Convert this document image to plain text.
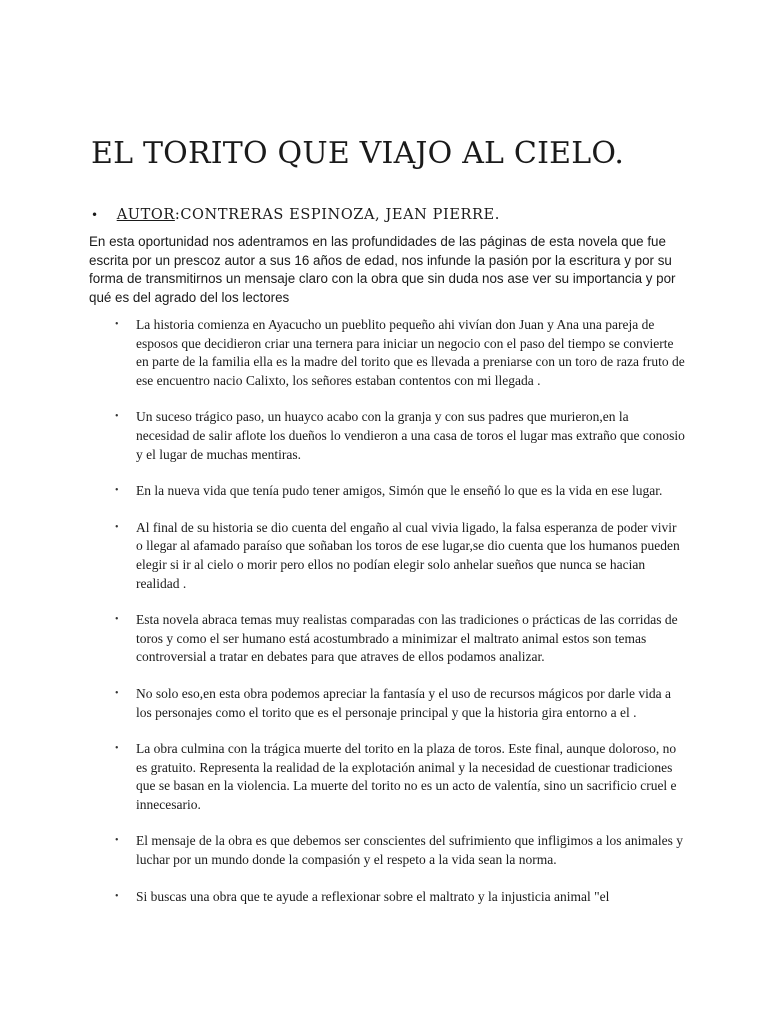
EL TORITO QUE VIAJO AL CIELO.
• AUTOR:CONTRERAS ESPINOZA, JEAN PIERRE.

En esta oportunidad nos adentramos en las profundidades de las páginas de esta novela que fue escrita por un prescoz autor a sus 16 años de edad, nos infunde la pasión por la escritura y por su forma de transmitirnos un mensaje claro con la obra que sin duda nos ase ver su importancia y por qué es del agrado del los lectores

• La historia comienza en Ayacucho un pueblito pequeño ahi vivían don Juan y Ana una pareja de esposos que decidieron criar una ternera para iniciar un negocio con el paso del tiempo se convierte en parte de la familia ella es la madre del torito que es llevada a preniarse con un toro de raza fruto de ese encuentro nacio Calixto, los señores estaban contentos con mi llegada .
• Un suceso trágico paso, un huayco acabo con la granja y con sus padres que murieron,en la necesidad de salir aflote los dueños lo vendieron a una casa de toros el lugar mas extraño que conosio y el lugar de muchas mentiras.
• En la nueva vida que tenía pudo tener amigos, Simón que le enseñó lo que es la vida en ese lugar.
• Al final de su historia se dio cuenta del engaño al cual vivia ligado, la falsa esperanza de poder vivir o llegar al afamado paraíso que soñaban los toros de ese lugar,se dio cuenta que los humanos pueden elegir si ir al cielo o morir pero ellos no podían elegir solo anhelar sueños que nunca se hacian realidad .
• Esta novela abraca temas muy realistas comparadas con las tradiciones o prácticas de las corridas de toros y como el ser humano está acostumbrado a minimizar el maltrato animal estos son temas controversial a tratar en debates para que atraves de ellos podamos analizar.
• No solo eso,en esta obra podemos apreciar la fantasía y el uso de recursos mágicos por darle vida a los personajes como el torito que es el personaje principal y que la historia gira entorno a el .
• La obra culmina con la trágica muerte del torito en la plaza de toros. Este final, aunque doloroso, no es gratuito. Representa la realidad de la explotación animal y la necesidad de cuestionar tradiciones que se basan en la violencia. La muerte del torito no es un acto de valentía, sino un sacrificio cruel e innecesario.
• El mensaje de la obra es que debemos ser conscientes del sufrimiento que infligimos a los animales y luchar por un mundo donde la compasión y el respeto a la vida sean la norma.
• Si buscas una obra que te ayude a reflexionar sobre el maltrato y la injusticia animal "el
